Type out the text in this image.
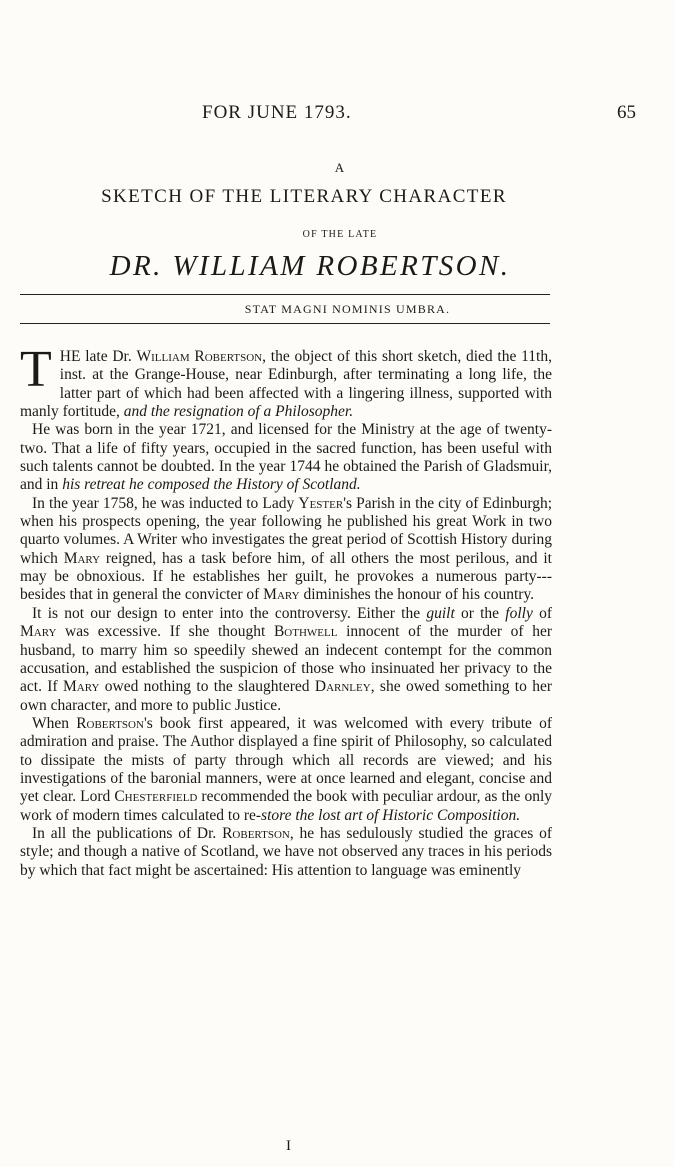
FOR JUNE 1793.	65
A
SKETCH OF THE LITERARY CHARACTER
OF THE LATE
DR. WILLIAM ROBERTSON.
STAT MAGNI NOMINIS UMBRA.

THE late Dr. William Robertson, the object of this short sketch, died the 11th, inst. at the Grange-House, near Edinburgh, after terminating a long life, the latter part of which had been affected with a lingering illness, supported with manly fortitude, and the resignation of a Philosopher.

He was born in the year 1721, and licensed for the Ministry at the age of twenty-two. That a life of fifty years, occupied in the sacred function, has been useful with such talents cannot be doubted. In the year 1744 he obtained the Parish of Gladsmuir, and in his retreat he composed the History of Scotland.

In the year 1758, he was inducted to Lady Yester's Parish in the city of Edinburgh; when his prospects opening, the year following he published his great Work in two quarto volumes. A Writer who investigates the great period of Scottish History during which Mary reigned, has a task before him, of all others the most perilous, and it may be obnoxious. If he establishes her guilt, he provokes a numerous party---besides that in general the convicter of Mary diminishes the honour of his country.

It is not our design to enter into the controversy. Either the guilt or the folly of Mary was excessive. If she thought Bothwell innocent of the murder of her husband, to marry him so speedily shewed an indecent contempt for the common accusation, and established the suspicion of those who insinuated her privacy to the act. If Mary owed nothing to the slaughtered Darnley, she owed something to her own character, and more to public Justice.

When Robertson's book first appeared, it was welcomed with every tribute of admiration and praise. The Author displayed a fine spirit of Philosophy, so calculated to dissipate the mists of party through which all records are viewed; and his investigations of the baronial manners, were at once learned and elegant, concise and yet clear. Lord Chesterfield recommended the book with peculiar ardour, as the only work of modern times calculated to re-store the lost art of Historic Composition.

In all the publications of Dr. Robertson, he has sedulously studied the graces of style; and though a native of Scotland, we have not observed any traces in his periods by which that fact might be ascertained: His attention to language was eminently

I
